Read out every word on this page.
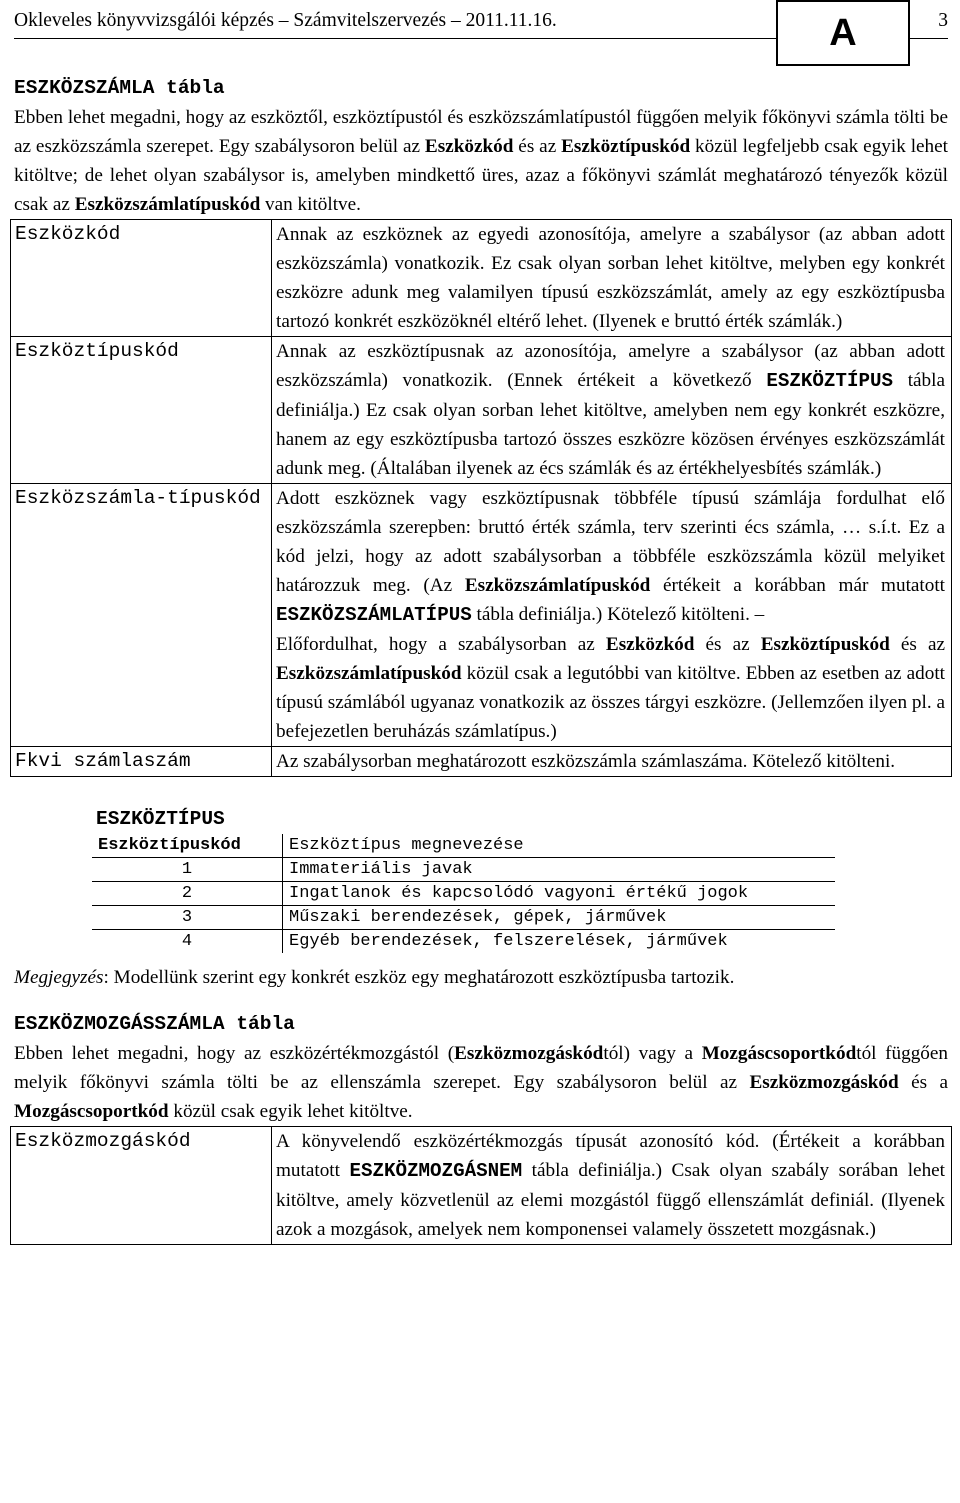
Okleveles könyvvizsgálói képzés – Számvitelszervezés – 2011.11.16.	A	3
ESZKÖZSZÁMLA tábla
Ebben lehet megadni, hogy az eszköztől, eszköztípustól és eszközszámlatípustól függően melyik főkönyvi számla tölti be az eszközszámla szerepet. Egy szabálysoron belül az Eszközkód és az Eszköztípuskód közül legfeljebb csak egyik lehet kitöltve; de lehet olyan szabálysor is, amelyben mindkettő üres, azaz a főkönyvi számlát meghatározó tényezők közül csak az Eszközszámlatípuskód van kitöltve.
Eszközkód	Annak az eszköznek az egyedi azonosítója, amelyre a szabálysor (az abban adott eszközszámla) vonatkozik. Ez csak olyan sorban lehet kitöltve, melyben egy konkrét eszközre adunk meg valamilyen típusú eszközszámlát, amely az egy eszköztípusba tartozó konkrét eszközöknél eltérő lehet. (Ilyenek e bruttó érték számlák.)
Eszköztípuskód	Annak az eszköztípusnak az azonosítója, amelyre a szabálysor (az abban adott eszközszámla) vonatkozik. (Ennek értékeit a következő ESZKÖZTÍPUS tábla definiálja.) Ez csak olyan sorban lehet kitöltve, amelyben nem egy konkrét eszközre, hanem az egy eszköztípusba tartozó összes eszközre közösen érvényes eszközszámlát adunk meg. (Általában ilyenek az écs számlák és az értékhelyesbítés számlák.)
Eszközszámla-típuskód	Adott eszköznek vagy eszköztípusnak többféle típusú számlája fordulhat elő eszközszámla szerepben: bruttó érték számla, terv szerinti écs számla, … s.í.t. Ez a kód jelzi, hogy az adott szabálysorban a többféle eszközszámla közül melyiket határozzuk meg. (Az Eszközszámlatípuskód értékeit a korábban már mutatott ESZKÖZSZÁMLATÍPUS tábla definiálja.) Kötelező kitölteni. –

Előfordulhat, hogy a szabálysorban az Eszközkód és az Eszköztípuskód és az Eszközszámlatípuskód közül csak a legutóbbi van kitöltve. Ebben az esetben az adott típusú számlából ugyanaz vonatkozik az összes tárgyi eszközre. (Jellemzően ilyen pl. a befejezetlen beruházás számlatípus.)

Fkvi számlaszám	Az szabálysorban meghatározott eszközszámla számlaszáma. Kötelező kitölteni.
ESZKÖZTÍPUS
Eszköztípuskód	Eszköztípus megnevezése
1	Immateriális javak
2	Ingatlanok és kapcsolódó vagyoni értékű jogok
3	Műszaki berendezések, gépek, járművek
4	Egyéb berendezések, felszerelések, járművek
Megjegyzés: Modellünk szerint egy konkrét eszköz egy meghatározott eszköztípusba tartozik.
ESZKÖZMOZGÁSSZÁMLA tábla
Ebben lehet megadni, hogy az eszközértékmozgástól (Eszközmozgáskódtól) vagy a Mozgáscsoportkódtól függően melyik főkönyvi számla tölti be az ellenszámla szerepet. Egy szabálysoron belül az Eszközmozgáskód és a Mozgáscsoportkód közül csak egyik lehet kitöltve.
Eszközmozgáskód	A könyvelendő eszközértékmozgás típusát azonosító kód. (Értékeit a korábban mutatott ESZKÖZMOZGÁSNEM tábla definiálja.) Csak olyan szabály sorában lehet kitöltve, amely közvetlenül az elemi mozgástól függő ellenszámlát definiál. (Ilyenek azok a mozgások, amelyek nem komponensei valamely összetett mozgásnak.)
